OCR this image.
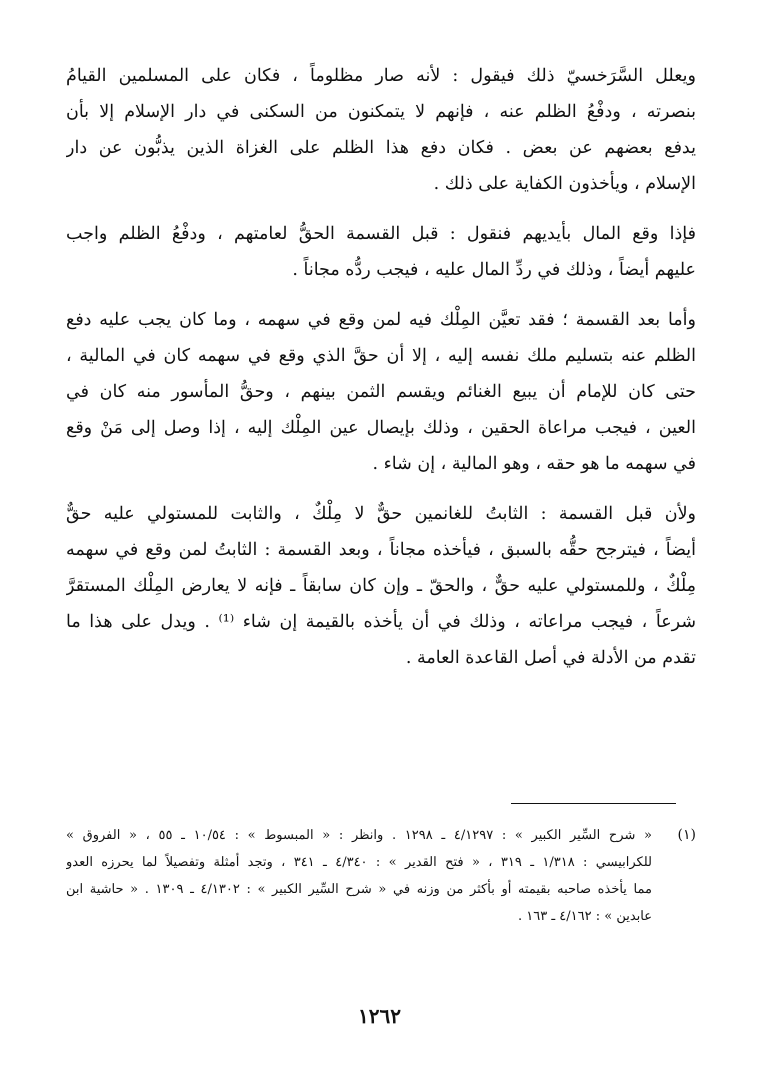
ويعلل السَّرَخسيّ ذلك فيقول : لأنه صار مظلوماً ، فكان على المسلمين القيامُ
بنصرته ، ودفْعُ الظلم عنه ، فإنهم لا يتمكنون من السكنى في دار الإسلام إلا بأن
يدفع بعضهم عن بعض . فكان دفع هذا الظلم على الغزاة الذين يذبُّون عن دار
الإسلام ، ويأخذون الكفاية على ذلك .
فإذا وقع المال بأيديهم فنقول : قبل القسمة الحقُّ لعامتهم ، ودفْعُ الظلم واجب
عليهم أيضاً ، وذلك في ردِّ المال عليه ، فيجب ردُّه مجاناً .
وأما بعد القسمة ؛ فقد تعيَّن المِلْك فيه لمن وقع في سهمه ، وما كان يجب عليه دفع
الظلم عنه بتسليم ملك نفسه إليه ، إلا أن حقَّ الذي وقع في سهمه كان في المالية ،
حتى كان للإمام أن يبيع الغنائم ويقسم الثمن بينهم ، وحقُّ المأسور منه كان في
العين ، فيجب مراعاة الحقين ، وذلك بإيصال عين المِلْك إليه ، إذا وصل إلى مَنْ وقع
في سهمه ما هو حقه ، وهو المالية ، إن شاء .
ولأن قبل القسمة : الثابتُ للغانمين حقٌّ لا مِلْكٌ ، والثابت للمستولي عليه حقٌّ
أيضاً ، فيترجح حقُّه بالسبق ، فيأخذه مجاناً ، وبعد القسمة : الثابتُ لمن وقع في سهمه
مِلْكٌ ، وللمستولي عليه حقٌّ ، والحقّ ـ وإن كان سابقاً ـ فإنه لا يعارض المِلْك المستقرَّ
شرعاً ، فيجب مراعاته ، وذلك في أن يأخذه بالقيمة إن شاء ⁽¹⁾ . ويدل على هذا ما
تقدم من الأدلة في أصل القاعدة العامة .
(١)
« شرح السِّير الكبير » : ٤/١٢٩٧ ـ ١٢٩٨ . وانظر : « المبسوط » : ١٠/٥٤ ـ ٥٥ ، « الفروق »
للكرابيسي : ١/٣١٨ ـ ٣١٩ ، « فتح القدير » : ٤/٣٤٠ ـ ٣٤١ ، وتجد أمثلة وتفصيلاً لما يحرزه العدو
مما يأخذه صاحبه بقيمته أو بأكثر من وزنه في « شرح السِّير الكبير » : ٤/١٣٠٢ ـ ١٣٠٩ . « حاشية ابن
عابدين » : ٤/١٦٢ ـ ١٦٣ .
١٢٦٢
